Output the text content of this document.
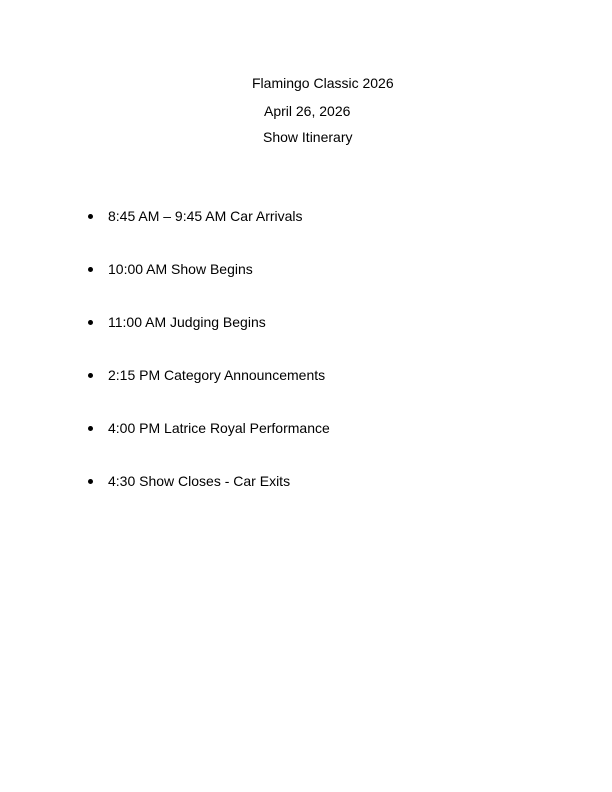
Flamingo Classic 2026
April 26, 2026
Show Itinerary
8:45 AM – 9:45 AM Car Arrivals
10:00 AM Show Begins
11:00 AM Judging Begins
2:15 PM Category Announcements
4:00 PM Latrice Royal Performance
4:30 Show Closes - Car Exits
